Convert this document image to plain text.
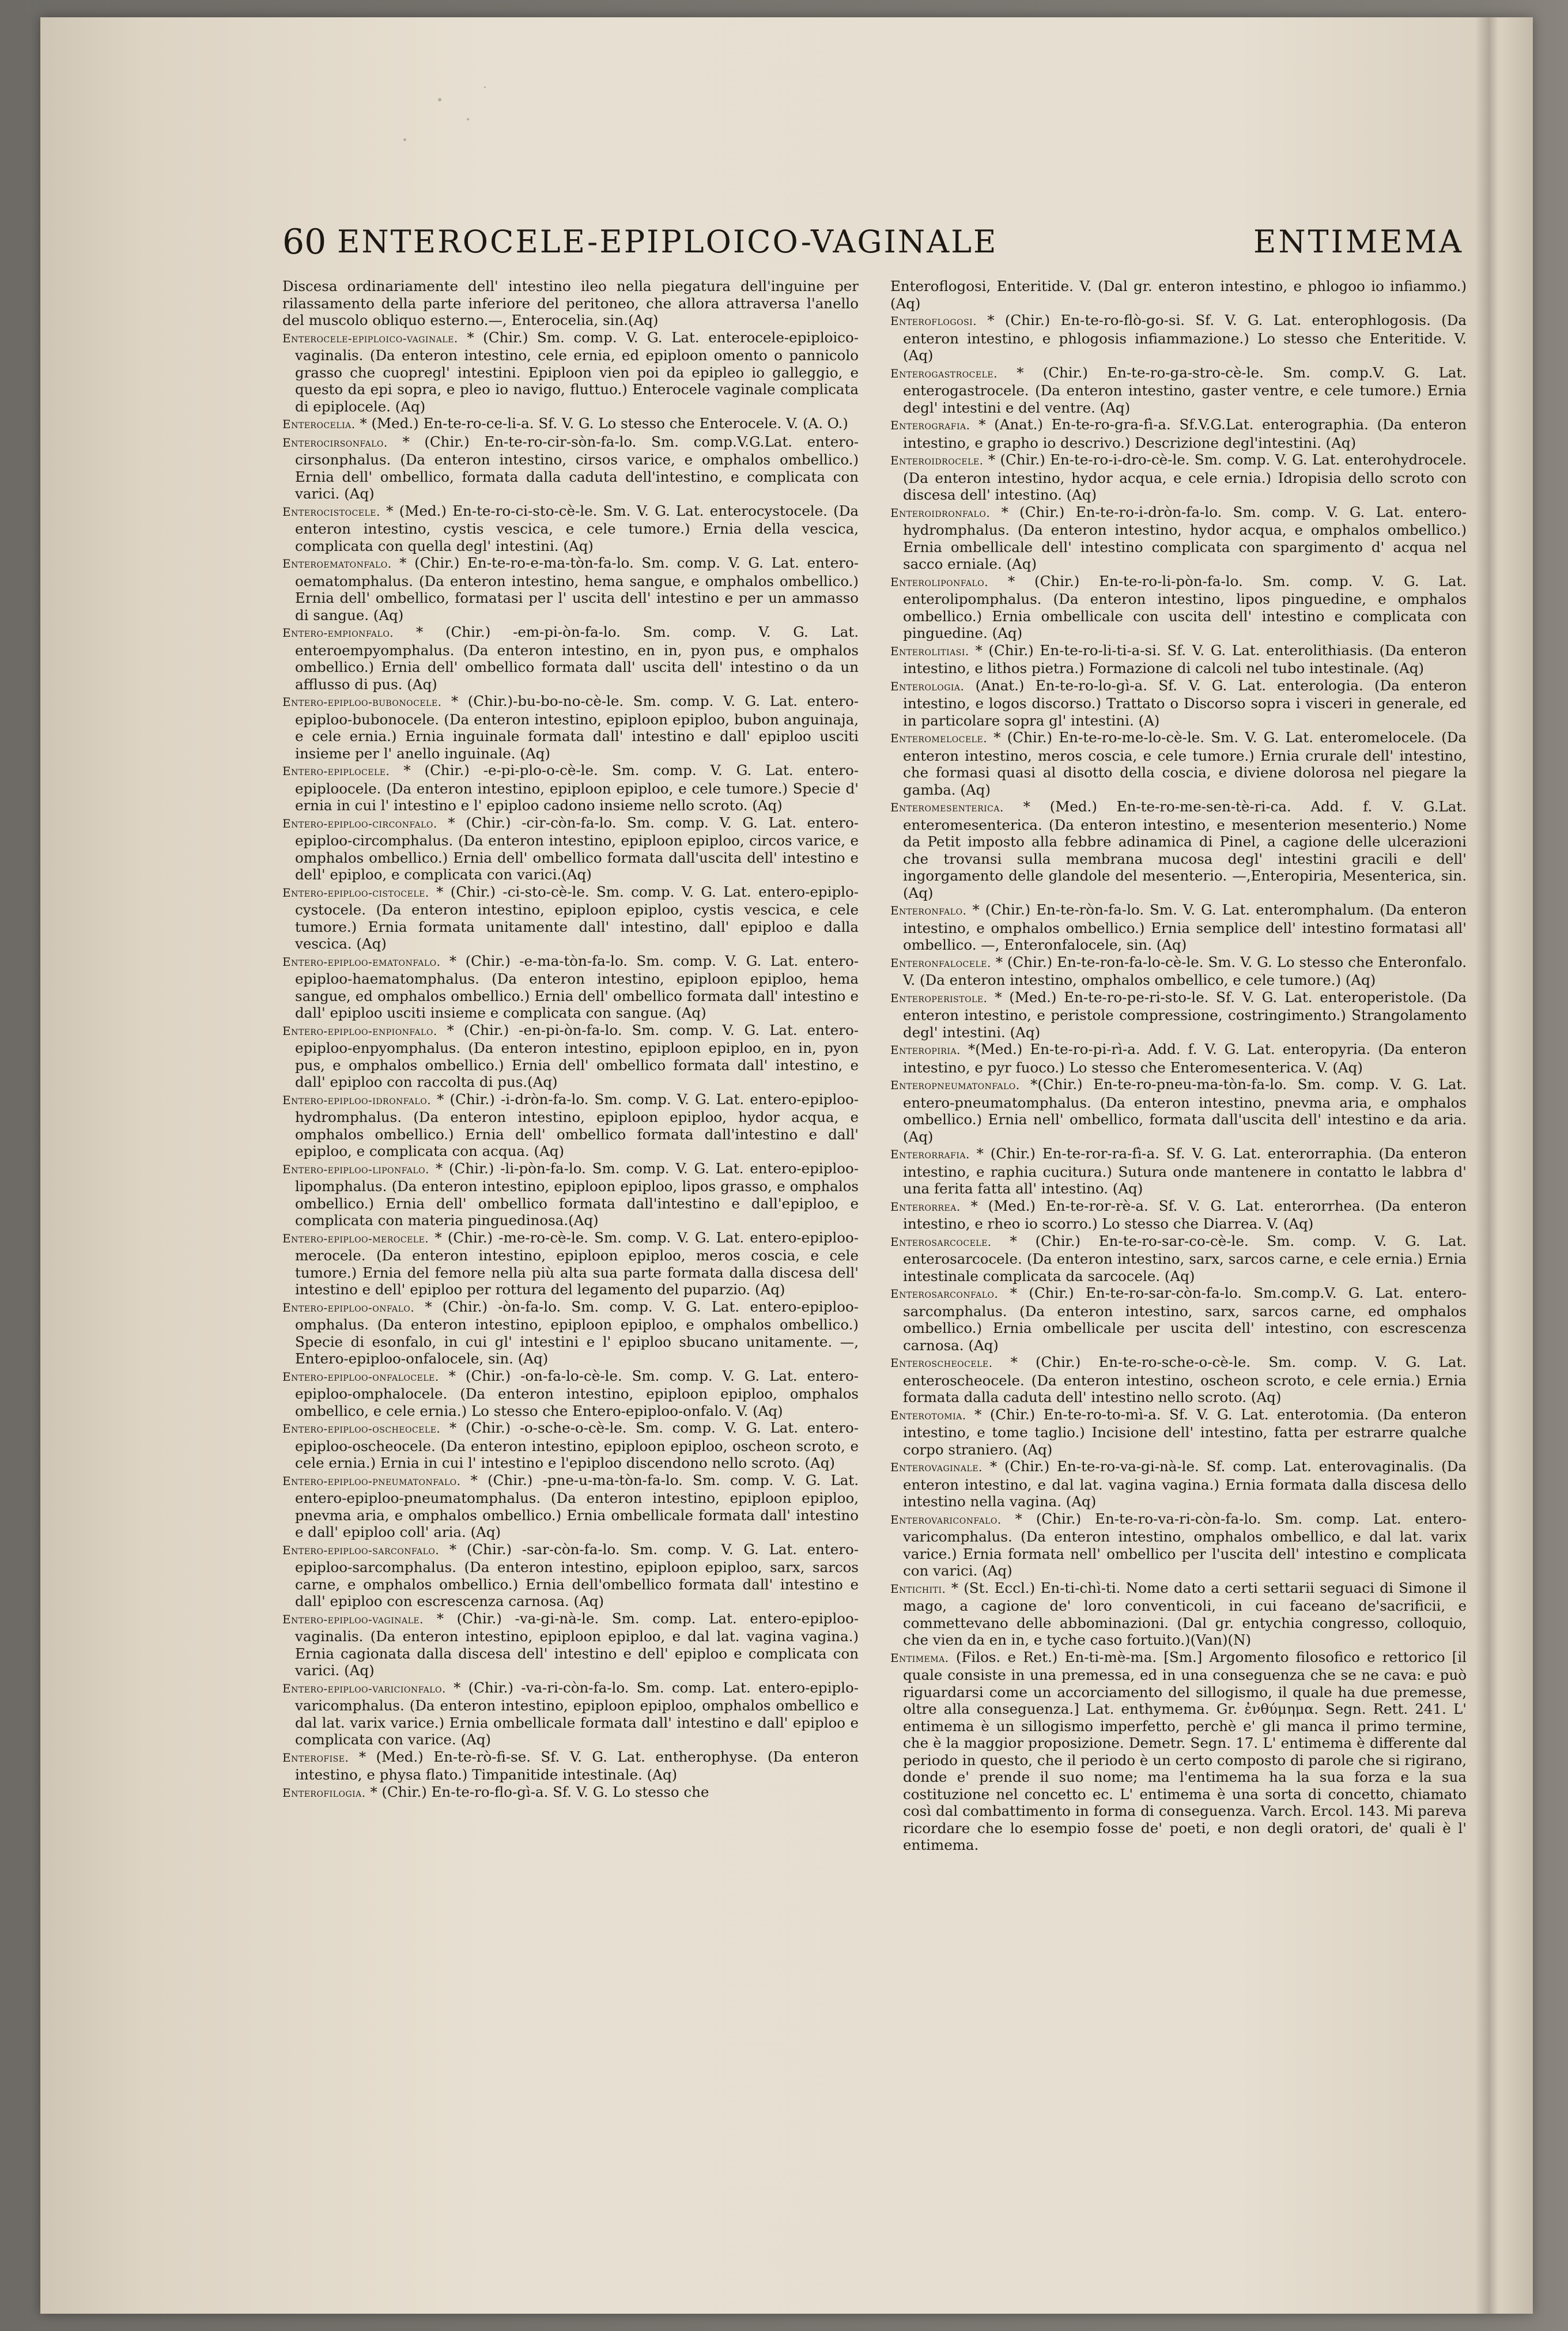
60 ENTEROCELE-EPIPLOICO-VAGINALE	ENTIMEMA

Discesa ordinariamente dell' intestino ileo nella piegatura dell'inguine per rilassamento della parte inferiore del peritoneo, che allora attraversa l'anello del muscolo obliquo esterno.—, Enterocelia, sin.(Aq)

Enterocele-epiploico-vaginale. * (Chir.) Sm. comp. V. G. Lat. enterocele-epiploico-vaginalis. (Da enteron intestino, cele ernia, ed epiploon omento o pannicolo grasso che cuopregl' intestini. Epiploon vien poi da epipleo io galleggio, e questo da epi sopra, e pleo io navigo, fluttuo.) Enterocele vaginale complicata di epiplocele. (Aq)

Enterocelia. * (Med.) En-te-ro-ce-li-a. Sf. V. G. Lo stesso che Enterocele. V. (A. O.)

Enterocirsonfalo. * (Chir.) En-te-ro-cir-sòn-fa-lo. Sm. comp.V.G.Lat. entero-cirsonphalus. (Da enteron intestino, cirsos varice, e omphalos ombellico.) Ernia dell' ombellico, formata dalla caduta dell'intestino, e complicata con varici. (Aq)

Enterocistocele. * (Med.) En-te-ro-ci-sto-cè-le. Sm. V. G. Lat. enterocystocele. (Da enteron intestino, cystis vescica, e cele tumore.) Ernia della vescica, complicata con quella degl' intestini. (Aq)

Enteroematonfalo. * (Chir.) En-te-ro-e-ma-tòn-fa-lo. Sm. comp. V. G. Lat. entero-oematomphalus. (Da enteron intestino, hema sangue, e omphalos ombellico.) Ernia dell' ombellico, formatasi per l' uscita dell' intestino e per un ammasso di sangue. (Aq)

Entero-empionfalo. * (Chir.) -em-pi-òn-fa-lo. Sm. comp. V. G. Lat. enteroempyomphalus. (Da enteron intestino, en in, pyon pus, e omphalos ombellico.) Ernia dell' ombellico formata dall' uscita dell' intestino o da un afflusso di pus. (Aq)

Entero-epiploo-bubonocele. * (Chir.)-bu-bo-no-cè-le. Sm. comp. V. G. Lat. entero-epiploo-bubonocele. (Da enteron intestino, epiploon epiploo, bubon anguinaja, e cele ernia.) Ernia inguinale formata dall' intestino e dall' epiploo usciti insieme per l' anello inguinale. (Aq)

Entero-epiplocele. * (Chir.) -e-pi-plo-o-cè-le. Sm. comp. V. G. Lat. entero-epiploocele. (Da enteron intestino, epiploon epiploo, e cele tumore.) Specie d' ernia in cui l' intestino e l' epiploo cadono insieme nello scroto. (Aq)

Entero-epiploo-circonfalo. * (Chir.) -cir-còn-fa-lo. Sm. comp. V. G. Lat. entero-epiploo-circomphalus. (Da enteron intestino, epiploon epiploo, circos varice, e omphalos ombellico.) Ernia dell' ombellico formata dall'uscita dell' intestino e dell' epiploo, e complicata con varici.(Aq)

Entero-epiploo-cistocele. * (Chir.) -ci-sto-cè-le. Sm. comp. V. G. Lat. entero-epiplo-cystocele. (Da enteron intestino, epiploon epiploo, cystis vescica, e cele tumore.) Ernia formata unitamente dall' intestino, dall' epiploo e dalla vescica. (Aq)

Entero-epiploo-ematonfalo. * (Chir.) -e-ma-tòn-fa-lo. Sm. comp. V. G. Lat. entero-epiploo-haematomphalus. (Da enteron intestino, epiploon epiploo, hema sangue, ed omphalos ombellico.) Ernia dell' ombellico formata dall' intestino e dall' epiploo usciti insieme e complicata con sangue. (Aq)

Entero-epiploo-enpionfalo. * (Chir.) -en-pi-òn-fa-lo. Sm. comp. V. G. Lat. entero-epiploo-enpyomphalus. (Da enteron intestino, epiploon epiploo, en in, pyon pus, e omphalos ombellico.) Ernia dell' ombellico formata dall' intestino, e dall' epiploo con raccolta di pus.(Aq)

Entero-epiploo-idronfalo. * (Chir.) -i-dròn-fa-lo. Sm. comp. V. G. Lat. entero-epiploo-hydromphalus. (Da enteron intestino, epiploon epiploo, hydor acqua, e omphalos ombellico.) Ernia dell' ombellico formata dall'intestino e dall' epiploo, e complicata con acqua. (Aq)

Entero-epiploo-liponfalo. * (Chir.) -li-pòn-fa-lo. Sm. comp. V. G. Lat. entero-epiploo-lipomphalus. (Da enteron intestino, epiploon epiploo, lipos grasso, e omphalos ombellico.) Ernia dell' ombellico formata dall'intestino e dall'epiploo, e complicata con materia pinguedinosa.(Aq)

Entero-epiploo-merocele. * (Chir.) -me-ro-cè-le. Sm. comp. V. G. Lat. entero-epiploo-merocele. (Da enteron intestino, epiploon epiploo, meros coscia, e cele tumore.) Ernia del femore nella più alta sua parte formata dalla discesa dell' intestino e dell' epiploo per rottura del legamento del puparzio. (Aq)

Entero-epiploo-onfalo. * (Chir.) -òn-fa-lo. Sm. comp. V. G. Lat. entero-epiploo-omphalus. (Da enteron intestino, epiploon epiploo, e omphalos ombellico.) Specie di esonfalo, in cui gl' intestini e l' epiploo sbucano unitamente. —, Entero-epiploo-onfalocele, sin. (Aq)

Entero-epiploo-onfalocele. * (Chir.) -on-fa-lo-cè-le. Sm. comp. V. G. Lat. entero-epiploo-omphalocele. (Da enteron intestino, epiploon epiploo, omphalos ombellico, e cele ernia.) Lo stesso che Entero-epiploo-onfalo. V. (Aq)

Entero-epiploo-oscheocele. * (Chir.) -o-sche-o-cè-le. Sm. comp. V. G. Lat. entero-epiploo-oscheocele. (Da enteron intestino, epiploon epiploo, oscheon scroto, e cele ernia.) Ernia in cui l' intestino e l'epiploo discendono nello scroto. (Aq)

Entero-epiploo-pneumatonfalo. * (Chir.) -pne-u-ma-tòn-fa-lo. Sm. comp. V. G. Lat. entero-epiploo-pneumatomphalus. (Da enteron intestino, epiploon epiploo, pnevma aria, e omphalos ombellico.) Ernia ombellicale formata dall' intestino e dall' epiploo coll' aria. (Aq)

Entero-epiploo-sarconfalo. * (Chir.) -sar-còn-fa-lo. Sm. comp. V. G. Lat. entero-epiploo-sarcomphalus. (Da enteron intestino, epiploon epiploo, sarx, sarcos carne, e omphalos ombellico.) Ernia dell'ombellico formata dall' intestino e dall' epiploo con escrescenza carnosa. (Aq)

Entero-epiploo-vaginale. * (Chir.) -va-gi-nà-le. Sm. comp. Lat. entero-epiploo-vaginalis. (Da enteron intestino, epiploon epiploo, e dal lat. vagina vagina.) Ernia cagionata dalla discesa dell' intestino e dell' epiploo e complicata con varici. (Aq)

Entero-epiploo-varicionfalo. * (Chir.) -va-ri-còn-fa-lo. Sm. comp. Lat. entero-epiplo-varicomphalus. (Da enteron intestino, epiploon epiploo, omphalos ombellico e dal lat. varix varice.) Ernia ombellicale formata dall' intestino e dall' epiploo e complicata con varice. (Aq)

Enterofise. * (Med.) En-te-rò-fi-se. Sf. V. G. Lat. entherophyse. (Da enteron intestino, e physa flato.) Timpanitide intestinale. (Aq)

Enterofilogia. * (Chir.) En-te-ro-flo-gì-a. Sf. V. G. Lo stesso che

Enteroflogosi, Enteritide. V. (Dal gr. enteron intestino, e phlogoo io infiammo.) (Aq)

Enteroflogosi. * (Chir.) En-te-ro-flò-go-si. Sf. V. G. Lat. enterophlogosis. (Da enteron intestino, e phlogosis infiammazione.) Lo stesso che Enteritide. V. (Aq)

Enterogastrocele. * (Chir.) En-te-ro-ga-stro-cè-le. Sm. comp.V. G. Lat. enterogastrocele. (Da enteron intestino, gaster ventre, e cele tumore.) Ernia degl' intestini e del ventre. (Aq)

Enterografia. * (Anat.) En-te-ro-gra-fì-a. Sf.V.G.Lat. enterographia. (Da enteron intestino, e grapho io descrivo.) Descrizione degl'intestini. (Aq)

Enteroidrocele. * (Chir.) En-te-ro-i-dro-cè-le. Sm. comp. V. G. Lat. enterohydrocele. (Da enteron intestino, hydor acqua, e cele ernia.) Idropisia dello scroto con discesa dell' intestino. (Aq)

Enteroidronfalo. * (Chir.) En-te-ro-i-dròn-fa-lo. Sm. comp. V. G. Lat. entero-hydromphalus. (Da enteron intestino, hydor acqua, e omphalos ombellico.) Ernia ombellicale dell' intestino complicata con spargimento d' acqua nel sacco erniale. (Aq)

Enteroliponfalo. * (Chir.) En-te-ro-li-pòn-fa-lo. Sm. comp. V. G. Lat. enterolipomphalus. (Da enteron intestino, lipos pinguedine, e omphalos ombellico.) Ernia ombellicale con uscita dell' intestino e complicata con pinguedine. (Aq)

Enterolitiasi. * (Chir.) En-te-ro-li-ti-a-si. Sf. V. G. Lat. enterolithiasis. (Da enteron intestino, e lithos pietra.) Formazione di calcoli nel tubo intestinale. (Aq)

Enterologia. (Anat.) En-te-ro-lo-gì-a. Sf. V. G. Lat. enterologia. (Da enteron intestino, e logos discorso.) Trattato o Discorso sopra i visceri in generale, ed in particolare sopra gl' intestini. (A)

Enteromelocele. * (Chir.) En-te-ro-me-lo-cè-le. Sm. V. G. Lat. enteromelocele. (Da enteron intestino, meros coscia, e cele tumore.) Ernia crurale dell' intestino, che formasi quasi al disotto della coscia, e diviene dolorosa nel piegare la gamba. (Aq)

Enteromesenterica. * (Med.) En-te-ro-me-sen-tè-ri-ca. Add. f. V. G.Lat. enteromesenterica. (Da enteron intestino, e mesenterion mesenterio.) Nome da Petit imposto alla febbre adinamica di Pinel, a cagione delle ulcerazioni che trovansi sulla membrana mucosa degl' intestini gracili e dell' ingorgamento delle glandole del mesenterio. —,Enteropiria, Mesenterica, sin. (Aq)

Enteronfalo. * (Chir.) En-te-ròn-fa-lo. Sm. V. G. Lat. enteromphalum. (Da enteron intestino, e omphalos ombellico.) Ernia semplice dell' intestino formatasi all' ombellico. —, Enteronfalocele, sin. (Aq)

Enteronfalocele. * (Chir.) En-te-ron-fa-lo-cè-le. Sm. V. G. Lo stesso che Enteronfalo. V. (Da enteron intestino, omphalos ombellico, e cele tumore.) (Aq)

Enteroperistole. * (Med.) En-te-ro-pe-ri-sto-le. Sf. V. G. Lat. enteroperistole. (Da enteron intestino, e peristole compressione, costringimento.) Strangolamento degl' intestini. (Aq)

Enteropiria. *(Med.) En-te-ro-pi-rì-a. Add. f. V. G. Lat. enteropyria. (Da enteron intestino, e pyr fuoco.) Lo stesso che Enteromesenterica. V. (Aq)

Enteropneumatonfalo. *(Chir.) En-te-ro-pneu-ma-tòn-fa-lo. Sm. comp. V. G. Lat. entero-pneumatomphalus. (Da enteron intestino, pnevma aria, e omphalos ombellico.) Ernia nell' ombellico, formata dall'uscita dell' intestino e da aria. (Aq)

Enterorrafia. * (Chir.) En-te-ror-ra-fì-a. Sf. V. G. Lat. enterorraphia. (Da enteron intestino, e raphia cucitura.) Sutura onde mantenere in contatto le labbra d' una ferita fatta all' intestino. (Aq)

Enterorrea. * (Med.) En-te-ror-rè-a. Sf. V. G. Lat. enterorrhea. (Da enteron intestino, e rheo io scorro.) Lo stesso che Diarrea. V. (Aq)

Enterosarcocele. * (Chir.) En-te-ro-sar-co-cè-le. Sm. comp. V. G. Lat. enterosarcocele. (Da enteron intestino, sarx, sarcos carne, e cele ernia.) Ernia intestinale complicata da sarcocele. (Aq)

Enterosarconfalo. * (Chir.) En-te-ro-sar-còn-fa-lo. Sm.comp.V. G. Lat. entero-sarcomphalus. (Da enteron intestino, sarx, sarcos carne, ed omphalos ombellico.) Ernia ombellicale per uscita dell' intestino, con escrescenza carnosa. (Aq)

Enteroscheocele. * (Chir.) En-te-ro-sche-o-cè-le. Sm. comp. V. G. Lat. enteroscheocele. (Da enteron intestino, oscheon scroto, e cele ernia.) Ernia formata dalla caduta dell' intestino nello scroto. (Aq)

Enterotomia. * (Chir.) En-te-ro-to-mì-a. Sf. V. G. Lat. enterotomia. (Da enteron intestino, e tome taglio.) Incisione dell' intestino, fatta per estrarre qualche corpo straniero. (Aq)

Enterovaginale. * (Chir.) En-te-ro-va-gi-nà-le. Sf. comp. Lat. enterovaginalis. (Da enteron intestino, e dal lat. vagina vagina.) Ernia formata dalla discesa dello intestino nella vagina. (Aq)

Enterovariconfalo. * (Chir.) En-te-ro-va-ri-còn-fa-lo. Sm. comp. Lat. entero-varicomphalus. (Da enteron intestino, omphalos ombellico, e dal lat. varix varice.) Ernia formata nell' ombellico per l'uscita dell' intestino e complicata con varici. (Aq)

Entichiti. * (St. Eccl.) En-ti-chì-ti. Nome dato a certi settarii seguaci di Simone il mago, a cagione de' loro conventicoli, in cui faceano de'sacrificii, e commettevano delle abbominazioni. (Dal gr. entychia congresso, colloquio, che vien da en in, e tyche caso fortuito.)(Van)(N)

Entimema. (Filos. e Ret.) En-ti-mè-ma. [Sm.] Argomento filosofico e rettorico [il quale consiste in una premessa, ed in una conseguenza che se ne cava: e può riguardarsi come un accorciamento del sillogismo, il quale ha due premesse, oltre alla conseguenza.] Lat. enthymema. Gr. ἐνθύμημα. Segn. Rett. 241. L' entimema è un sillogismo imperfetto, perchè e' gli manca il primo termine, che è la maggior proposizione. Demetr. Segn. 17. L' entimema è differente dal periodo in questo, che il periodo è un certo composto di parole che si rigirano, donde e' prende il suo nome; ma l'entimema ha la sua forza e la sua costituzione nel concetto ec. L' entimema è una sorta di concetto, chiamato così dal combattimento in forma di conseguenza. Varch. Ercol. 143. Mi pareva ricordare che lo esempio fosse de' poeti, e non degli oratori, de' quali è l' entimema.
